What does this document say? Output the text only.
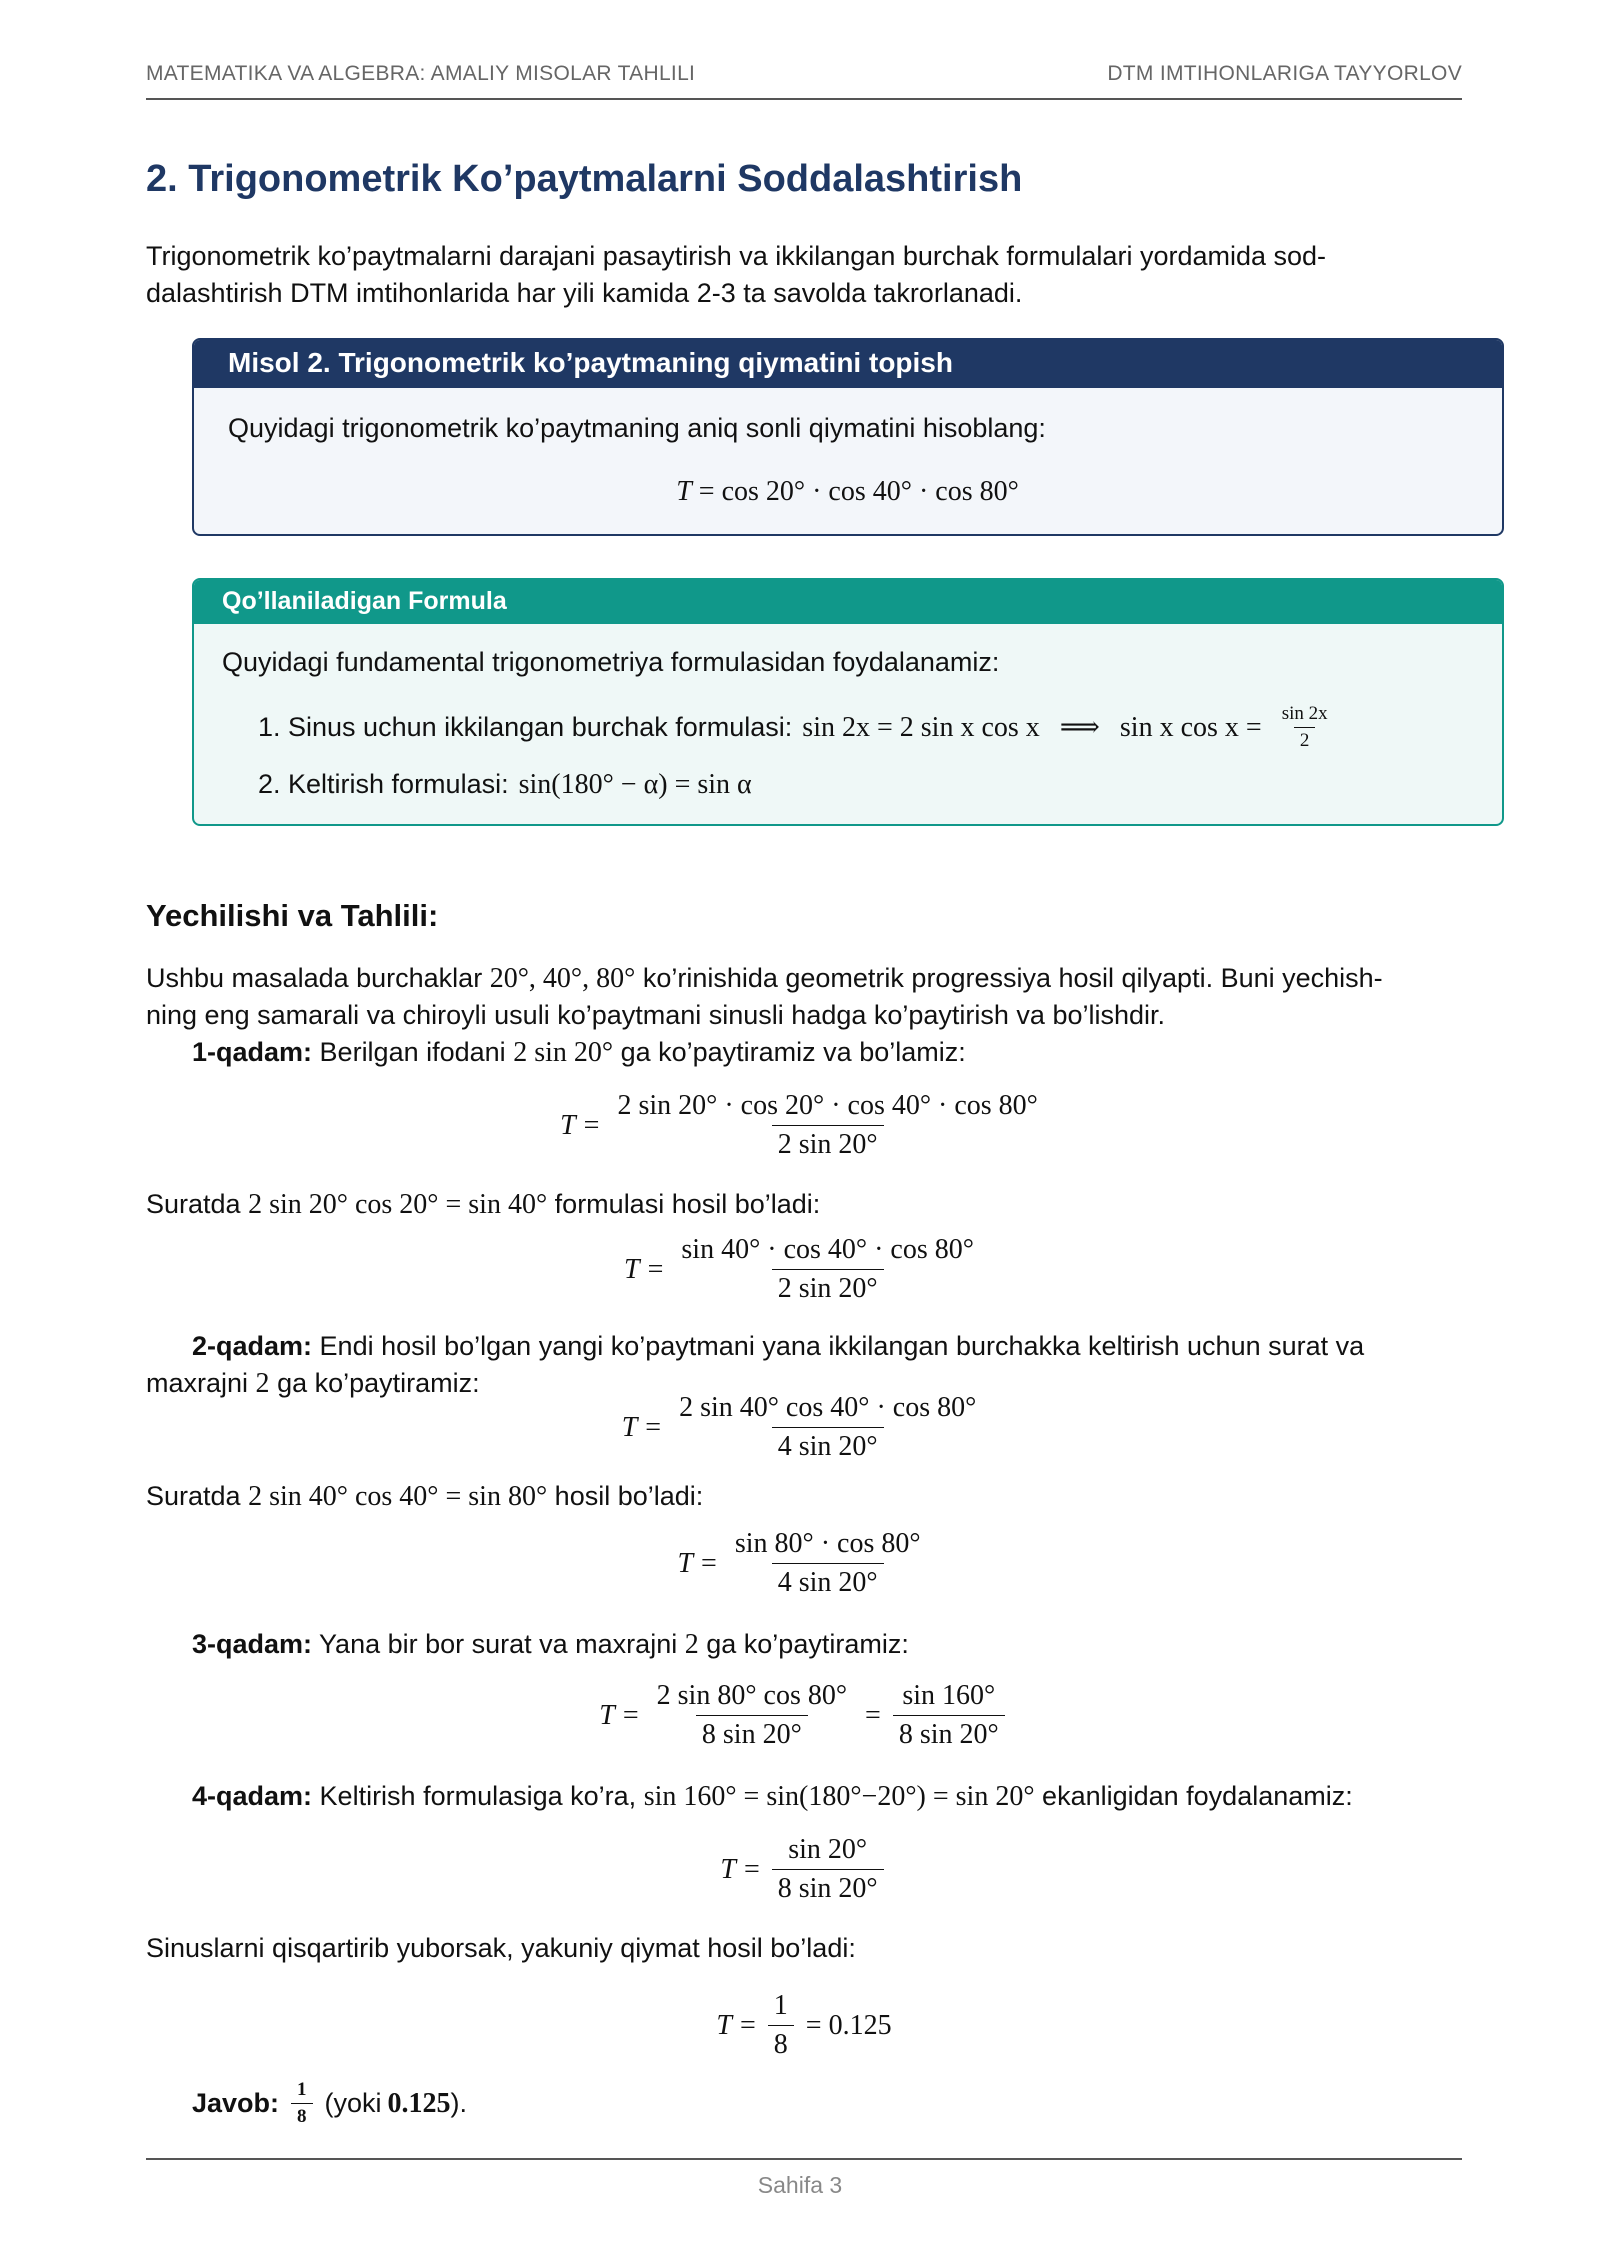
MATEMATIKA VA ALGEBRA: AMALIY MISOLAR TAHLILI	DTM IMTIHONLARIGA TAYYORLOV
2. Trigonometrik Ko’paytmalarni Soddalashtirish

Trigonometrik ko’paytmalarni darajani pasaytirish va ikkilangan burchak formulalari yordamida sod-
dalashtirish DTM imtihonlarida har yili kamida 2-3 ta savolda takrorlanadi.

Misol 2. Trigonometrik ko’paytmaning qiymatini topish
Quyidagi trigonometrik ko’paytmaning aniq sonli qiymatini hisoblang:
T = cos 20° · cos 40° · cos 80°
Qo’llaniladigan Formula
Quyidagi fundamental trigonometriya formulasidan foydalanamiz:
1. Sinus uchun ikkilangan burchak formulasi: sin 2x = 2 sin x cos x ⟹ sin x $\cos x = \frac{\sin 2x}{2}$
2. Keltirish formulasi: sin(180° − α) = sin α
Yechilishi va Tahlili:
Ushbu masalada burchaklar 20°, 40°, 80° ko’rinishida geometrik progressiya hosil qilyapti. Buni yechish-
ning eng samarali va chiroyli usuli ko’paytmani sinusli hadga ko’paytirish va bo’lishdir.
1-qadam: Berilgan ifodani 2 sin 20° ga ko’paytiramiz va bo’lamiz:
$T = \frac{2 \sin 20^\circ \cdot \cos 20^\circ \cdot \cos 40^\circ \cdot \cos 80^\circ}{2 \sin 20^\circ}$
Suratda 2 sin 20° cos 20° = sin 40° formulasi hosil bo’ladi:
$T = \frac{\sin 40^\circ \cdot \cos 40^\circ \cdot \cos 80^\circ}{2 \sin 20^\circ}$
2-qadam: Endi hosil bo’lgan yangi ko’paytmani yana ikkilangan burchakka keltirish uchun surat va
maxrajni 2 ga ko’paytiramiz:
$T = \frac{2 \sin 40^\circ \cos 40^\circ \cdot \cos 80^\circ}{4 \sin 20^\circ}$
Suratda 2 sin 40° cos 40° = sin 80° hosil bo’ladi:
$T = \frac{\sin 80^\circ \cdot \cos 80^\circ}{4 \sin 20^\circ}$
3-qadam: Yana bir bor surat va maxrajni 2 ga ko’paytiramiz:
$T = \frac{2 \sin 80^\circ \cos 80^\circ}{8 \sin 20^\circ} = \frac{\sin 160^\circ}{8 \sin 20^\circ}$
4-qadam: Keltirish formulasiga ko’ra, sin 160° = sin(180°−20°) = sin 20° ekanligidan foydalanamiz:
$T = \frac{\sin 20^\circ}{8 \sin 20^\circ}$
Sinuslarni qisqartirib yuborsak, yakuniy qiymat hosil bo’ladi:
$T = \frac{1}{8} = 0.125$
Javob: $\frac{1}{8}$ (yoki 0.125 ).
Sahifa 3
